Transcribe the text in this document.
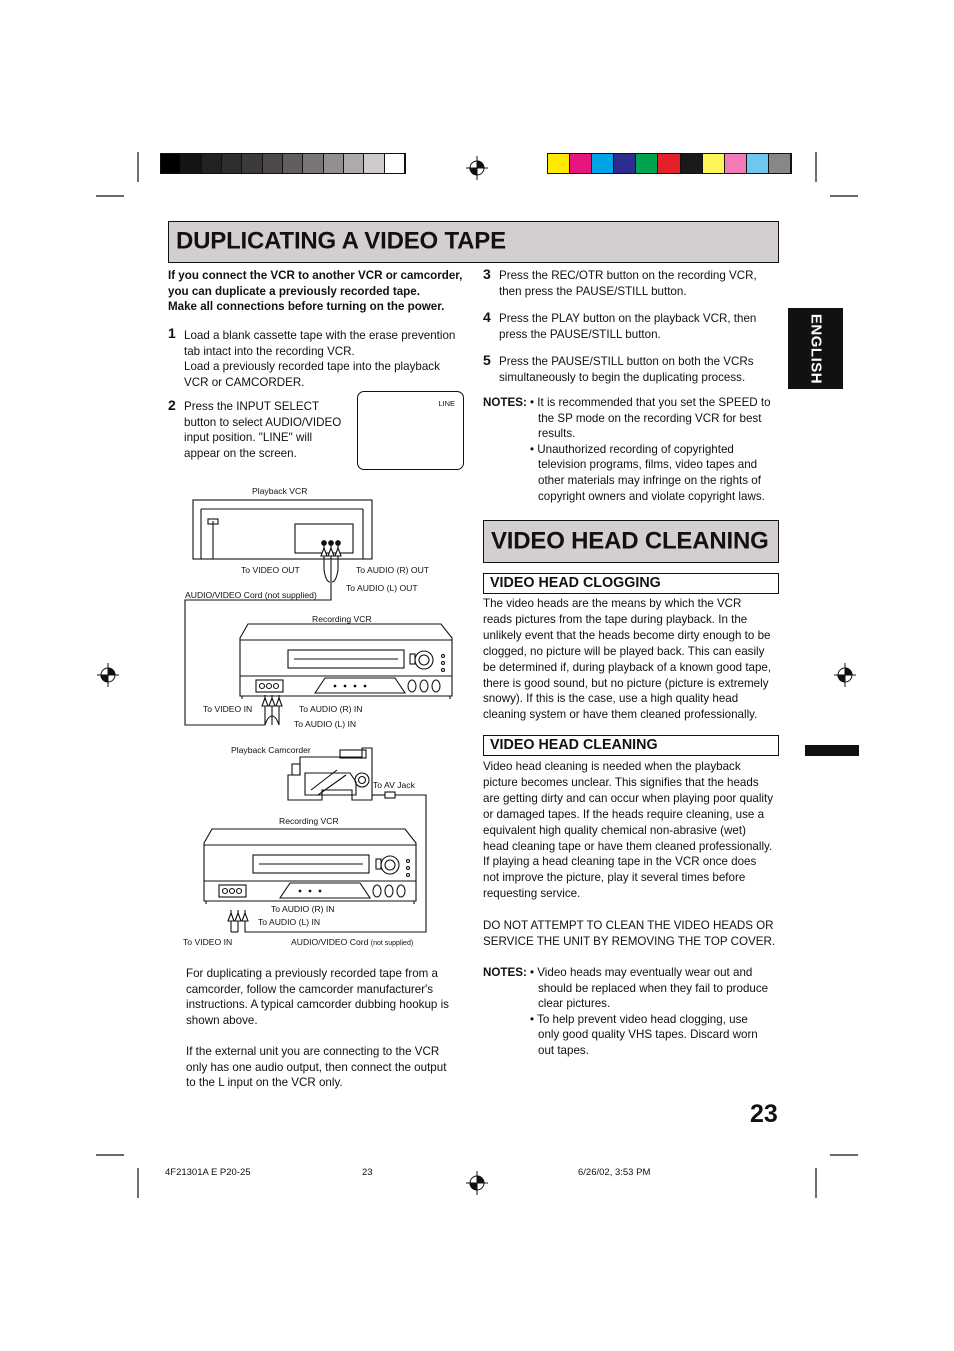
DUPLICATING A VIDEO TAPE
If you connect the VCR to another VCR or camcorder,
you can duplicate a previously recorded tape.
Make all connections before turning on the power.
1 Load a blank cassette tape with the erase prevention
tab intact into the recording VCR.
Load a previously recorded tape into the playback
VCR or CAMCORDER.
2 Press the INPUT SELECT
button to select AUDIO/VIDEO
input position. "LINE" will
appear on the screen.
LINE
Playback VCR
To VIDEO OUT	To AUDIO (R) OUT
To AUDIO (L) OUT
AUDIO/VIDEO Cord (not supplied)
Recording VCR
To VIDEO IN	To AUDIO (R) IN
To AUDIO (L) IN
Playback Camcorder
To AV Jack
Recording VCR
To AUDIO (R) IN
To AUDIO (L) IN
To VIDEO IN	AUDIO/VIDEO Cord (not supplied)
For duplicating a previously recorded tape from a
camcorder, follow the camcorder manufacturer's
instructions. A typical camcorder dubbing hookup is
shown above.
If the external unit you are connecting to the VCR
only has one audio output, then connect the output
to the L input on the VCR only.
3 Press the REC/OTR button on the recording VCR,
then press the PAUSE/STILL button.
4 Press the PLAY button on the playback VCR, then
press the PAUSE/STILL button.
5 Press the PAUSE/STILL button on both the VCRs
simultaneously to begin the duplicating process.
NOTES: • It is recommended that you set the SPEED to
the SP mode on the recording VCR for best
results.
• Unauthorized recording of copyrighted
television programs, films, video tapes and
other materials may infringe on the rights of
copyright owners and violate copyright laws.
VIDEO HEAD CLEANING
VIDEO HEAD CLOGGING
The video heads are the means by which the VCR
reads pictures from the tape during playback. In the
unlikely event that the heads become dirty enough to be
clogged, no picture will be played back. This can easily
be determined if, during playback of a known good tape,
there is good sound, but no picture (picture is extremely
snowy). If this is the case, use a high quality head
cleaning system or have them cleaned professionally.
VIDEO HEAD CLEANING
Video head cleaning is needed when the playback
picture becomes unclear. This signifies that the heads
are getting dirty and can occur when playing poor quality
or damaged tapes. If the heads require cleaning, use a
equivalent high quality chemical non-abrasive (wet)
head cleaning tape or have them cleaned professionally.
If playing a head cleaning tape in the VCR once does
not improve the picture, play it several times before
requesting service.
DO NOT ATTEMPT TO CLEAN THE VIDEO HEADS OR
SERVICE THE UNIT BY REMOVING THE TOP COVER.
NOTES: • Video heads may eventually wear out and
should be replaced when they fail to produce
clear pictures.
• To help prevent video head clogging, use
only good quality VHS tapes. Discard worn
out tapes.
ENGLISH
23
4F21301A E P20-25	23	6/26/02, 3:53 PM
